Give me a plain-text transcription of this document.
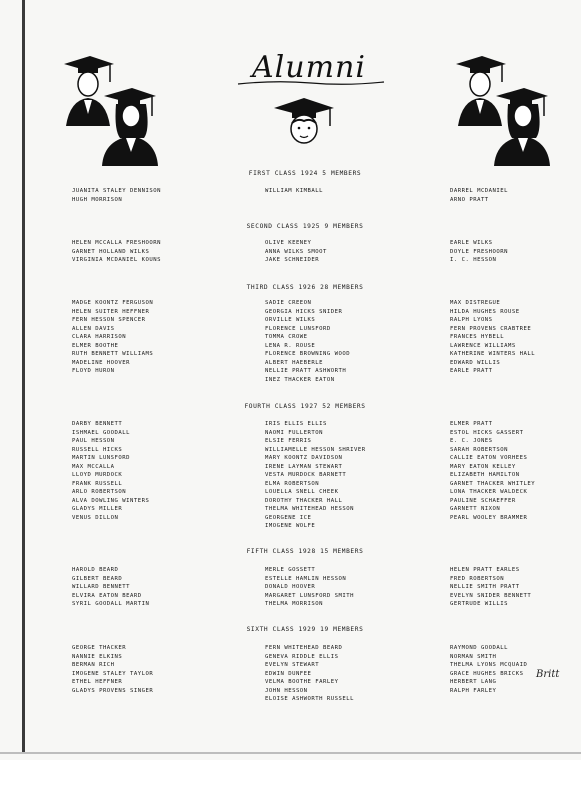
Alumni
FIRST CLASS 1924 5 MEMBERS
JUANITA STALEY DENNISON
HUGH MORRISON
WILLIAM KIMBALL	DARREL MCDANIEL
ARNO PRATT
SECOND CLASS 1925 9 MEMBERS
HELEN MCCALLA FRESHOORN
GARNET HOLLAND WILKS
VIRGINIA MCDANIEL KOUNS
OLIVE KEENEY
ANNA WILKS SMOOT
JAKE SCHNEIDER
EARLE WILKS
DOYLE FRESHOORN
I. C. HESSON
THIRD CLASS 1926 28 MEMBERS
MADGE KOONTZ FERGUSON
HELEN SUITER HEFFNER
FERN HESSON SPENCER
ALLEN DAVIS
CLARA HARRISON
ELMER BOOTHE
RUTH BENNETT WILLIAMS
MADELINE HOOVER
FLOYD HURON
SADIE CREEON
GEORGIA HICKS SNIDER
ORVILLE WILKS
FLORENCE LUNSFORD
TOMMA CROWE
LENA R. ROUSE
FLORENCE BROWNING WOOD
ALBERT HAEBERLE
NELLIE PRATT ASHWORTH
INEZ THACKER EATON
MAX DISTREGUE
HILDA HUGHES ROUSE
RALPH LYONS
FERN PROVENS CRABTREE
FRANCES HYBELL
LAWRENCE WILLIAMS
KATHERINE WINTERS HALL
EDWARD WILLIS
EARLE PRATT
FOURTH CLASS 1927 52 MEMBERS
DARBY BENNETT
ISHMAEL GOODALL
PAUL HESSON
RUSSELL HICKS
MARTIN LUNSFORD
MAX MCCALLA
LLOYD MURDOCK
FRANK RUSSELL
ARLO ROBERTSON
ALVA DOWLING WINTERS
GLADYS MILLER
VENUS DILLON
IRIS ELLIS ELLIS
NAOMI FULLERTON
ELSIE FERRIS
WILLIAMELLE HESSON SHRIVER
MARY KOONTZ DAVIDSON
IRENE LAYMAN STEWART
VESTA MURDOCK BARNETT
ELMA ROBERTSON
LOUELLA SNELL CHEEK
DOROTHY THACKER HALL
THELMA WHITEHEAD HESSON
GEORGENE ICE
IMOGENE WOLFE
ELMER PRATT
ESTOL HICKS GASSERT
E. C. JONES
SARAH ROBERTSON
CALLIE EATON VORHEES
MARY EATON KELLEY
ELIZABETH HAMILTON
GARNET THACKER WHITLEY
LONA THACKER WALDECK
PAULINE SCHAEFFER
GARNETT NIXON
PEARL WOOLEY BRAMMER
FIFTH CLASS 1928 15 MEMBERS
HAROLD BEARD
GILBERT BEARD
WILLARD BENNETT
ELVIRA EATON BEARD
SYRIL GOODALL MARTIN
MERLE GOSSETT
ESTELLE HAMLIN HESSON
DONALD HOOVER
MARGARET LUNSFORD SMITH
THELMA MORRISON
HELEN PRATT EARLES
FRED ROBERTSON
NELLIE SMITH PRATT
EVELYN SNIDER BENNETT
GERTRUDE WILLIS
SIXTH CLASS 1929 19 MEMBERS
GEORGE THACKER
NANNIE ELKINS
BERMAN RICH
IMOGENE STALEY TAYLOR
ETHEL HEFFNER
GLADYS PROVENS SINGER
FERN WHITEHEAD BEARD
GENEVA RIDDLE ELLIS
EVELYN STEWART
EDWIN DUNFEE
VELMA BOOTHE FARLEY
JOHN HESSON
ELOISE ASHWORTH RUSSELL
RAYMOND GOODALL
NORMAN SMITH
THELMA LYONS MCQUAID
GRACE HUGHES BRICKS
HERBERT LANG
RALPH FARLEY
Britt
